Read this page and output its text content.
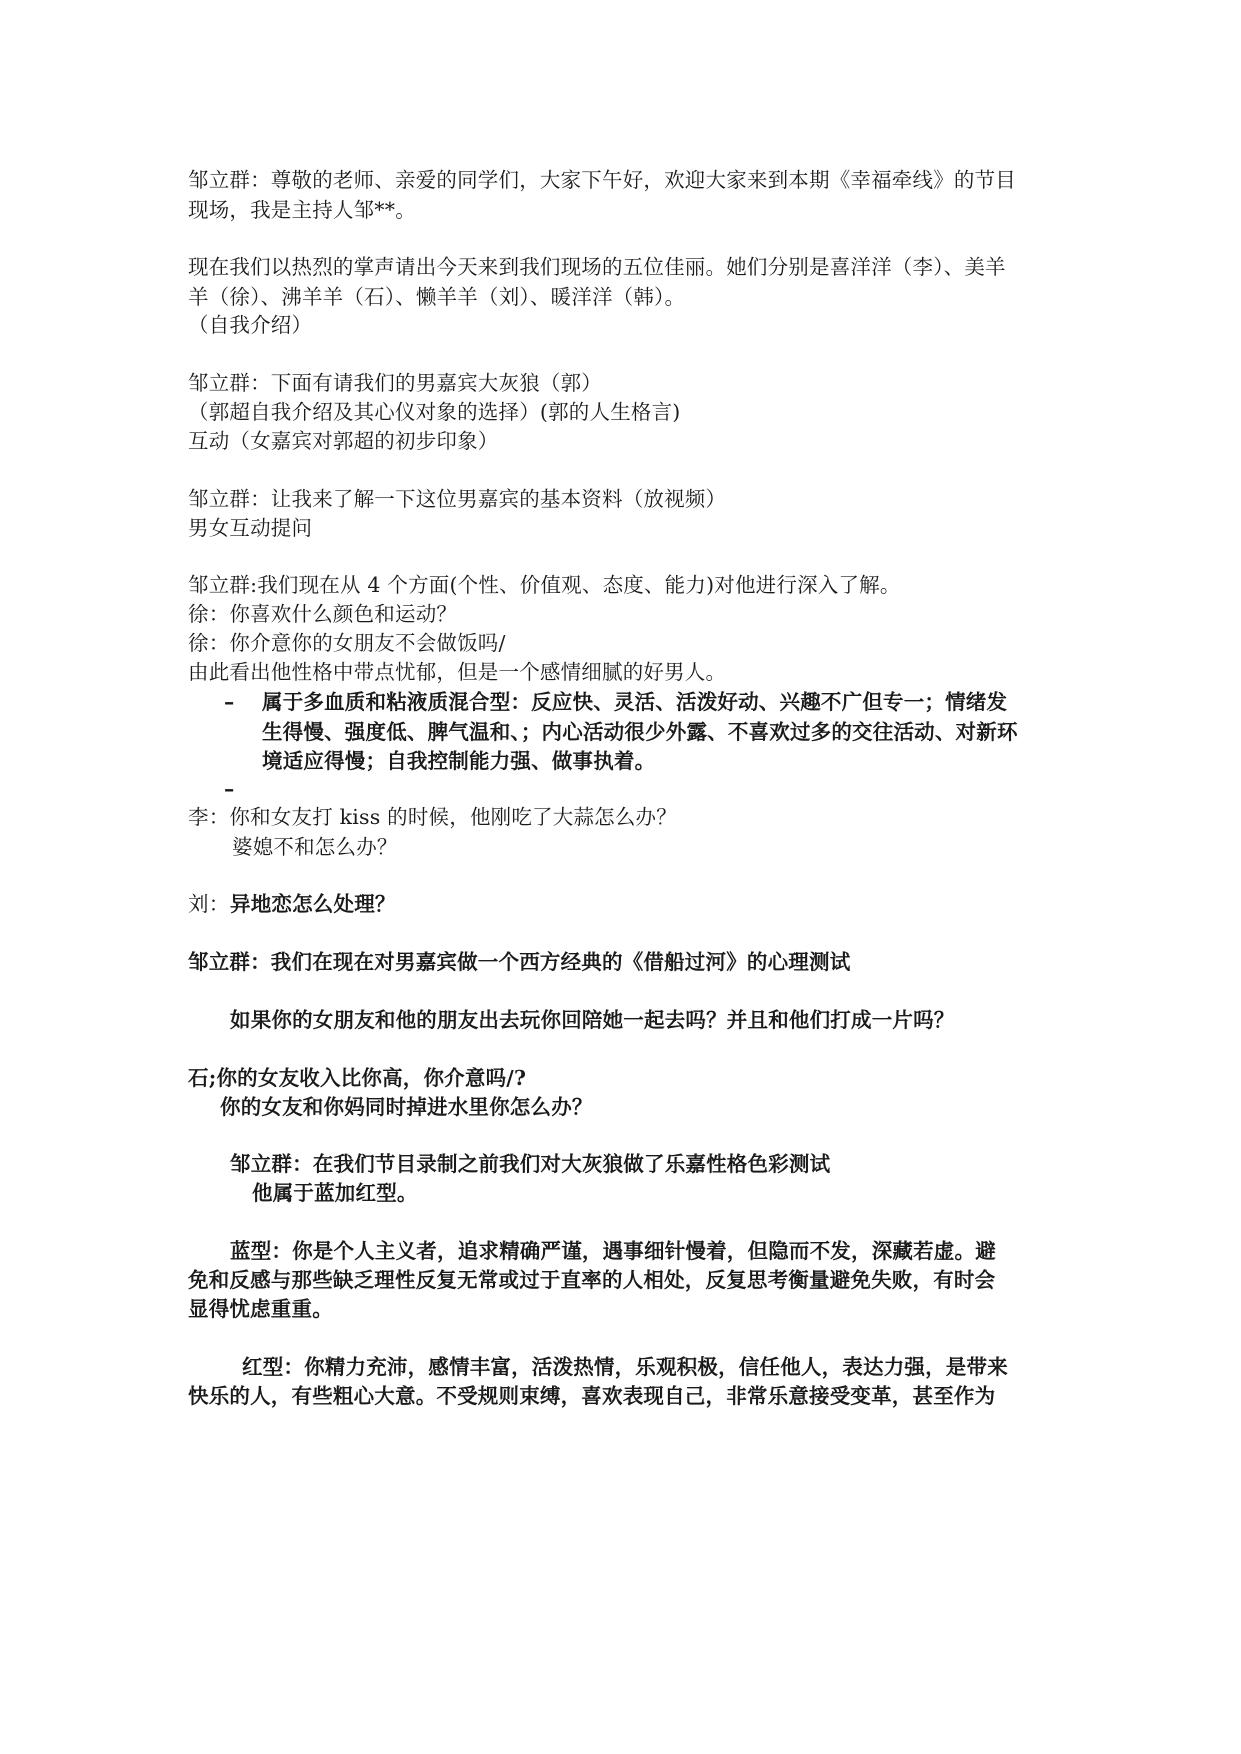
邹立群：尊敬的老师、亲爱的同学们，大家下午好，欢迎大家来到本期《幸福牵线》的节目
现场，我是主持人邹**。
现在我们以热烈的掌声请出今天来到我们现场的五位佳丽。她们分别是喜洋洋（李）、美羊
羊（徐）、沸羊羊（石）、懒羊羊（刘）、暖洋洋（韩）。
（自我介绍）
邹立群：下面有请我们的男嘉宾大灰狼（郭）
（郭超自我介绍及其心仪对象的选择）(郭的人生格言)
互动（女嘉宾对郭超的初步印象）
邹立群：让我来了解一下这位男嘉宾的基本资料（放视频）
男女互动提问
邹立群:我们现在从 4 个方面(个性、价值观、态度、能力)对他进行深入了解。
徐：你喜欢什么颜色和运动？
徐：你介意你的女朋友不会做饭吗/
由此看出他性格中带点忧郁，但是一个感情细腻的好男人。
– 属于多血质和粘液质混合型：反应快、灵活、活泼好动、兴趣不广但专一；情绪发
生得慢、强度低、脾气温和、；内心活动很少外露、不喜欢过多的交往活动、对新环
境适应得慢；自我控制能力强、做事执着。
–
李：你和女友打 kiss 的时候，他刚吃了大蒜怎么办？
婆媳不和怎么办？
刘： 异地恋怎么处理？
邹立群：我们在现在对男嘉宾做一个西方经典的《借船过河》的心理测试
如果你的女朋友和他的朋友出去玩你回陪她一起去吗？并且和他们打成一片吗？
石;你的女友收入比你高，你介意吗/?
你的女友和你妈同时掉进水里你怎么办？
邹立群：在我们节目录制之前我们对大灰狼做了乐嘉性格色彩测试
他属于蓝加红型。
蓝型：你是个人主义者，追求精确严谨，遇事细针慢着，但隐而不发，深藏若虚。避
免和反感与那些缺乏理性反复无常或过于直率的人相处，反复思考衡量避免失败，有时会
显得忧虑重重。
红型：你精力充沛，感情丰富，活泼热情，乐观积极，信任他人，表达力强，是带来
快乐的人，有些粗心大意。不受规则束缚，喜欢表现自己，非常乐意接受变革，甚至作为
